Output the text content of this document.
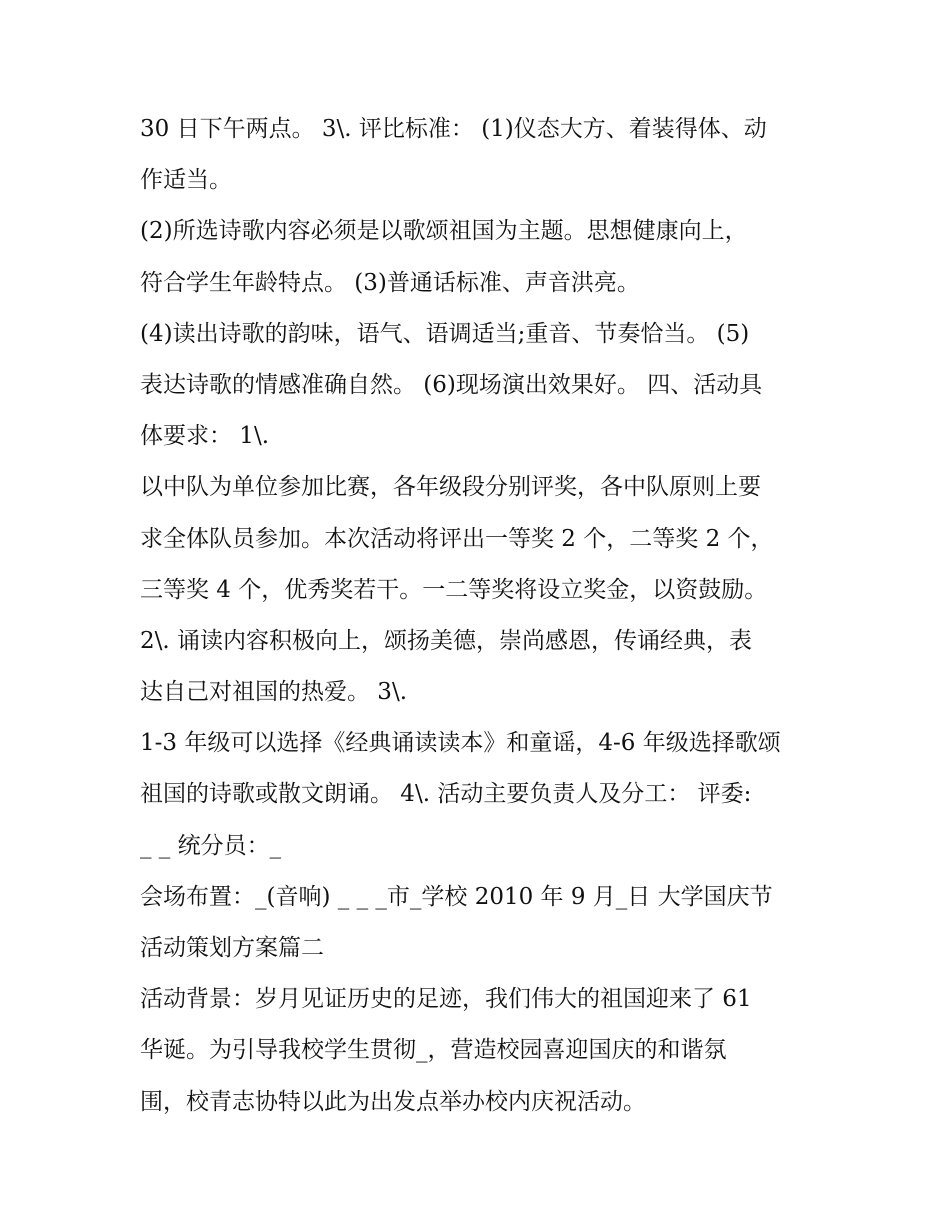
30 日下午两点。 3\. 评比标准： (1)仪态大方、着装得体、动
作适当。
(2)所选诗歌内容必须是以歌颂祖国为主题。思想健康向上，
符合学生年龄特点。 (3)普通话标准、声音洪亮。
(4)读出诗歌的韵味，语气、语调适当;重音、节奏恰当。 (5)
表达诗歌的情感准确自然。 (6)现场演出效果好。 四、活动具
体要求： 1\.
以中队为单位参加比赛，各年级段分别评奖，各中队原则上要
求全体队员参加。本次活动将评出一等奖 2 个，二等奖 2 个，
三等奖 4 个，优秀奖若干。一二等奖将设立奖金，以资鼓励。
2\. 诵读内容积极向上，颂扬美德，崇尚感恩，传诵经典，表
达自己对祖国的热爱。 3\.
1-3 年级可以选择《经典诵读读本》和童谣，4-6 年级选择歌颂
祖国的诗歌或散文朗诵。 4\. 活动主要负责人及分工： 评委:
_ _ 统分员：_
会场布置：_(音响) _ _ _市_学校 2010 年 9 月_日 大学国庆节
活动策划方案篇二
活动背景：岁月见证历史的足迹，我们伟大的祖国迎来了 61
华诞。为引导我校学生贯彻_，营造校园喜迎国庆的和谐氛
围，校青志协特以此为出发点举办校内庆祝活动。
